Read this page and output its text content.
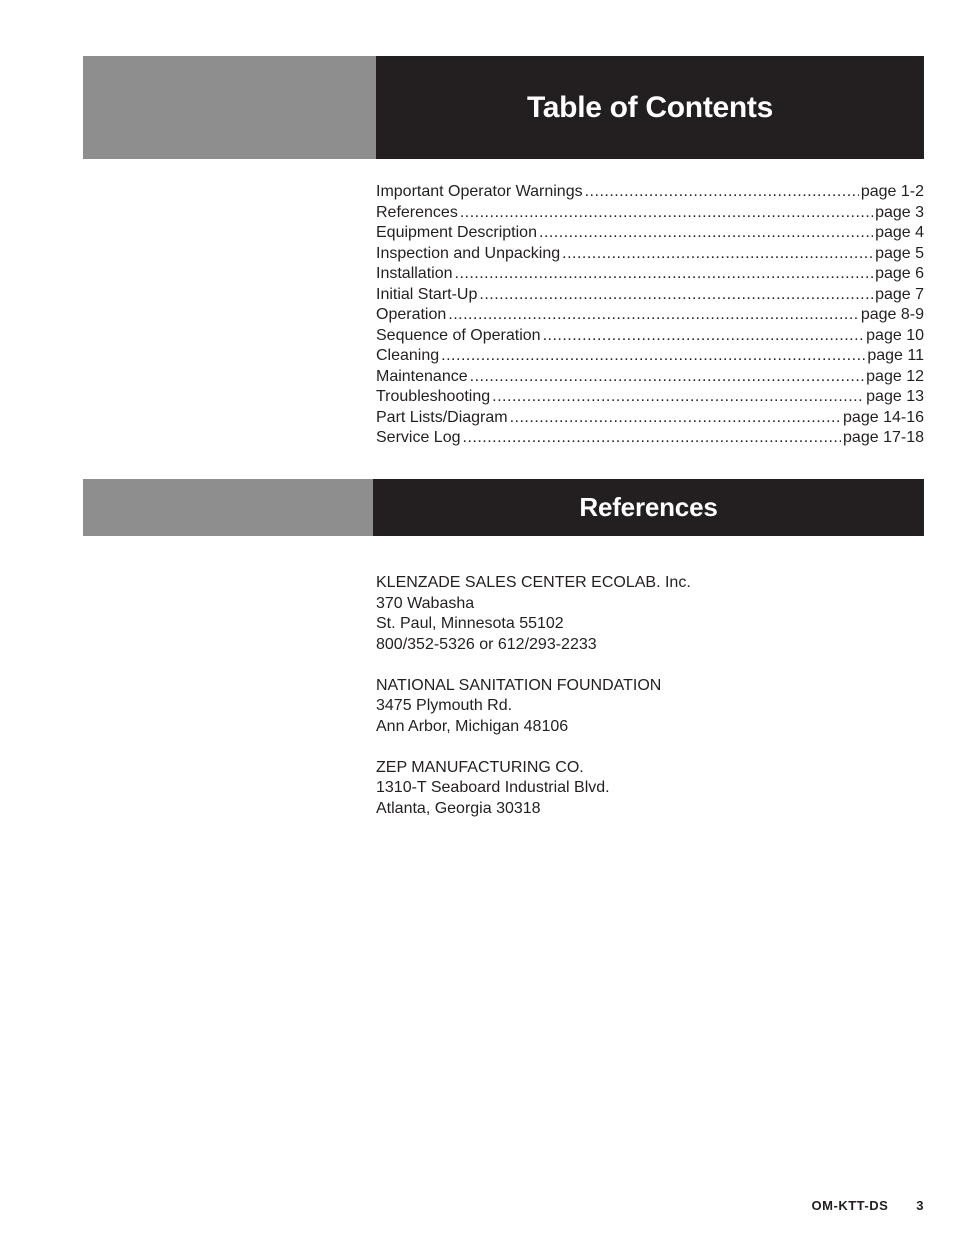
Table of Contents
Important Operator Warnings .....	page 1-2
References .....	page 3
Equipment Description .....	page 4
Inspection and Unpacking .....	page 5
Installation .....	page 6
Initial Start-Up .....	page 7
Operation .....	page 8-9
Sequence of Operation .....	page 10
Cleaning .....	page 11
Maintenance .....	page 12
Troubleshooting .....	page 13
Part Lists/Diagram .....	page 14-16
Service Log .....	page 17-18
References
KLENZADE SALES CENTER ECOLAB. Inc.
370 Wabasha
St. Paul, Minnesota 55102
800/352-5326 or 612/293-2233
NATIONAL SANITATION FOUNDATION
3475 Plymouth Rd.
Ann Arbor, Michigan 48106
ZEP MANUFACTURING CO.
1310-T Seaboard Industrial Blvd.
Atlanta, Georgia 30318
OM-KTT-DS 3
